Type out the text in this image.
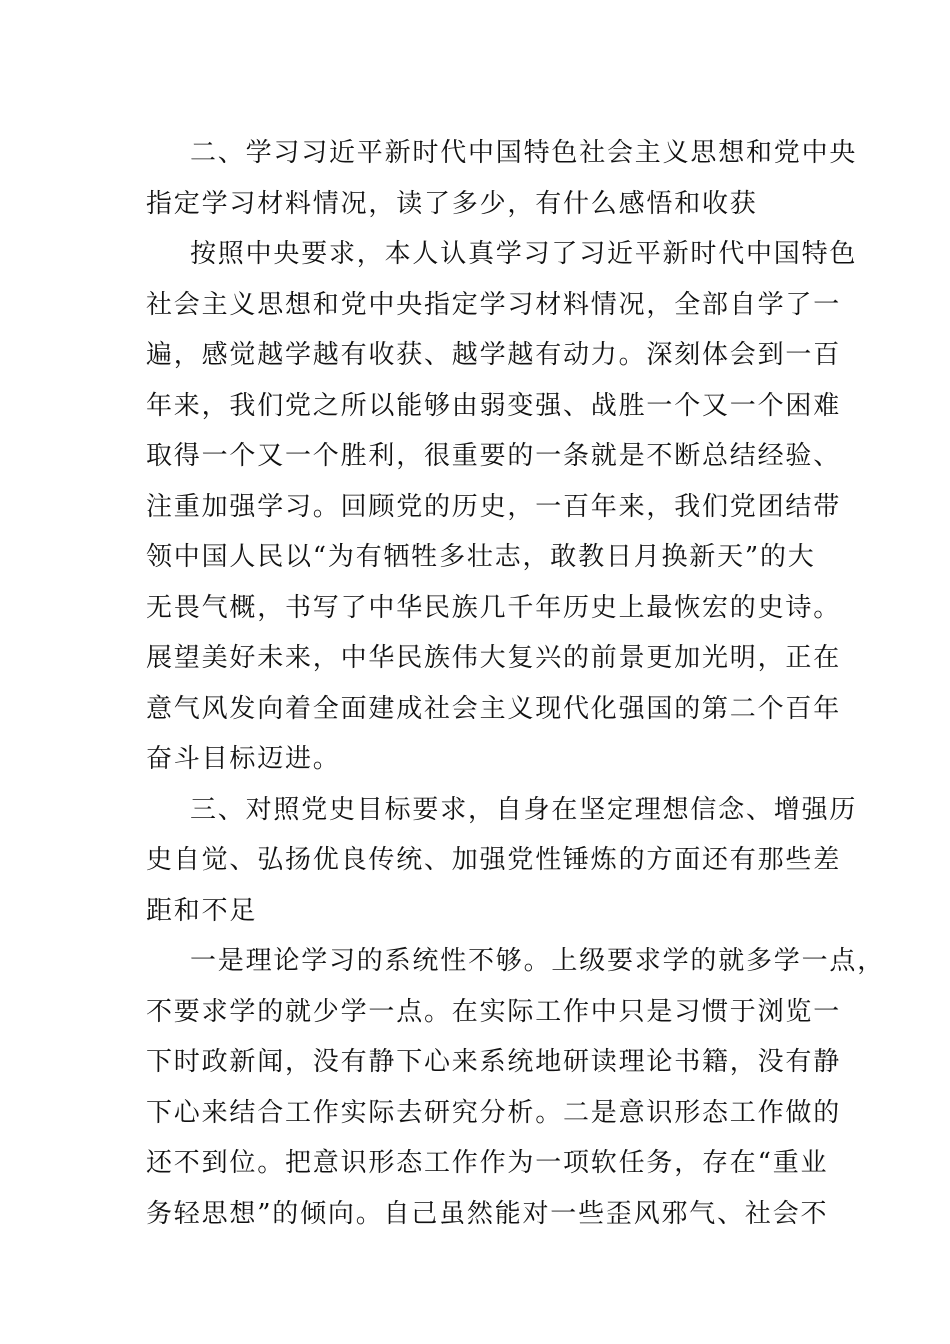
二、学习习近平新时代中国特色社会主义思想和党中央
指定学习材料情况，读了多少，有什么感悟和收获
按照中央要求，本人认真学习了习近平新时代中国特色
社会主义思想和党中央指定学习材料情况，全部自学了一
遍，感觉越学越有收获、越学越有动力。深刻体会到一百
年来，我们党之所以能够由弱变强、战胜一个又一个困难
取得一个又一个胜利，很重要的一条就是不断总结经验、
注重加强学习。回顾党的历史，一百年来，我们党团结带
领中国人民以“为有牺牲多壮志，敢教日月换新天”的大
无畏气概，书写了中华民族几千年历史上最恢宏的史诗。
展望美好未来，中华民族伟大复兴的前景更加光明，正在
意气风发向着全面建成社会主义现代化强国的第二个百年
奋斗目标迈进。
三、对照党史目标要求，自身在坚定理想信念、增强历
史自觉、弘扬优良传统、加强党性锤炼的方面还有那些差
距和不足
一是理论学习的系统性不够。上级要求学的就多学一点，
不要求学的就少学一点。在实际工作中只是习惯于浏览一
下时政新闻，没有静下心来系统地研读理论书籍，没有静
下心来结合工作实际去研究分析。二是意识形态工作做的
还不到位。把意识形态工作作为一项软任务，存在“重业
务轻思想”的倾向。自己虽然能对一些歪风邪气、社会不
